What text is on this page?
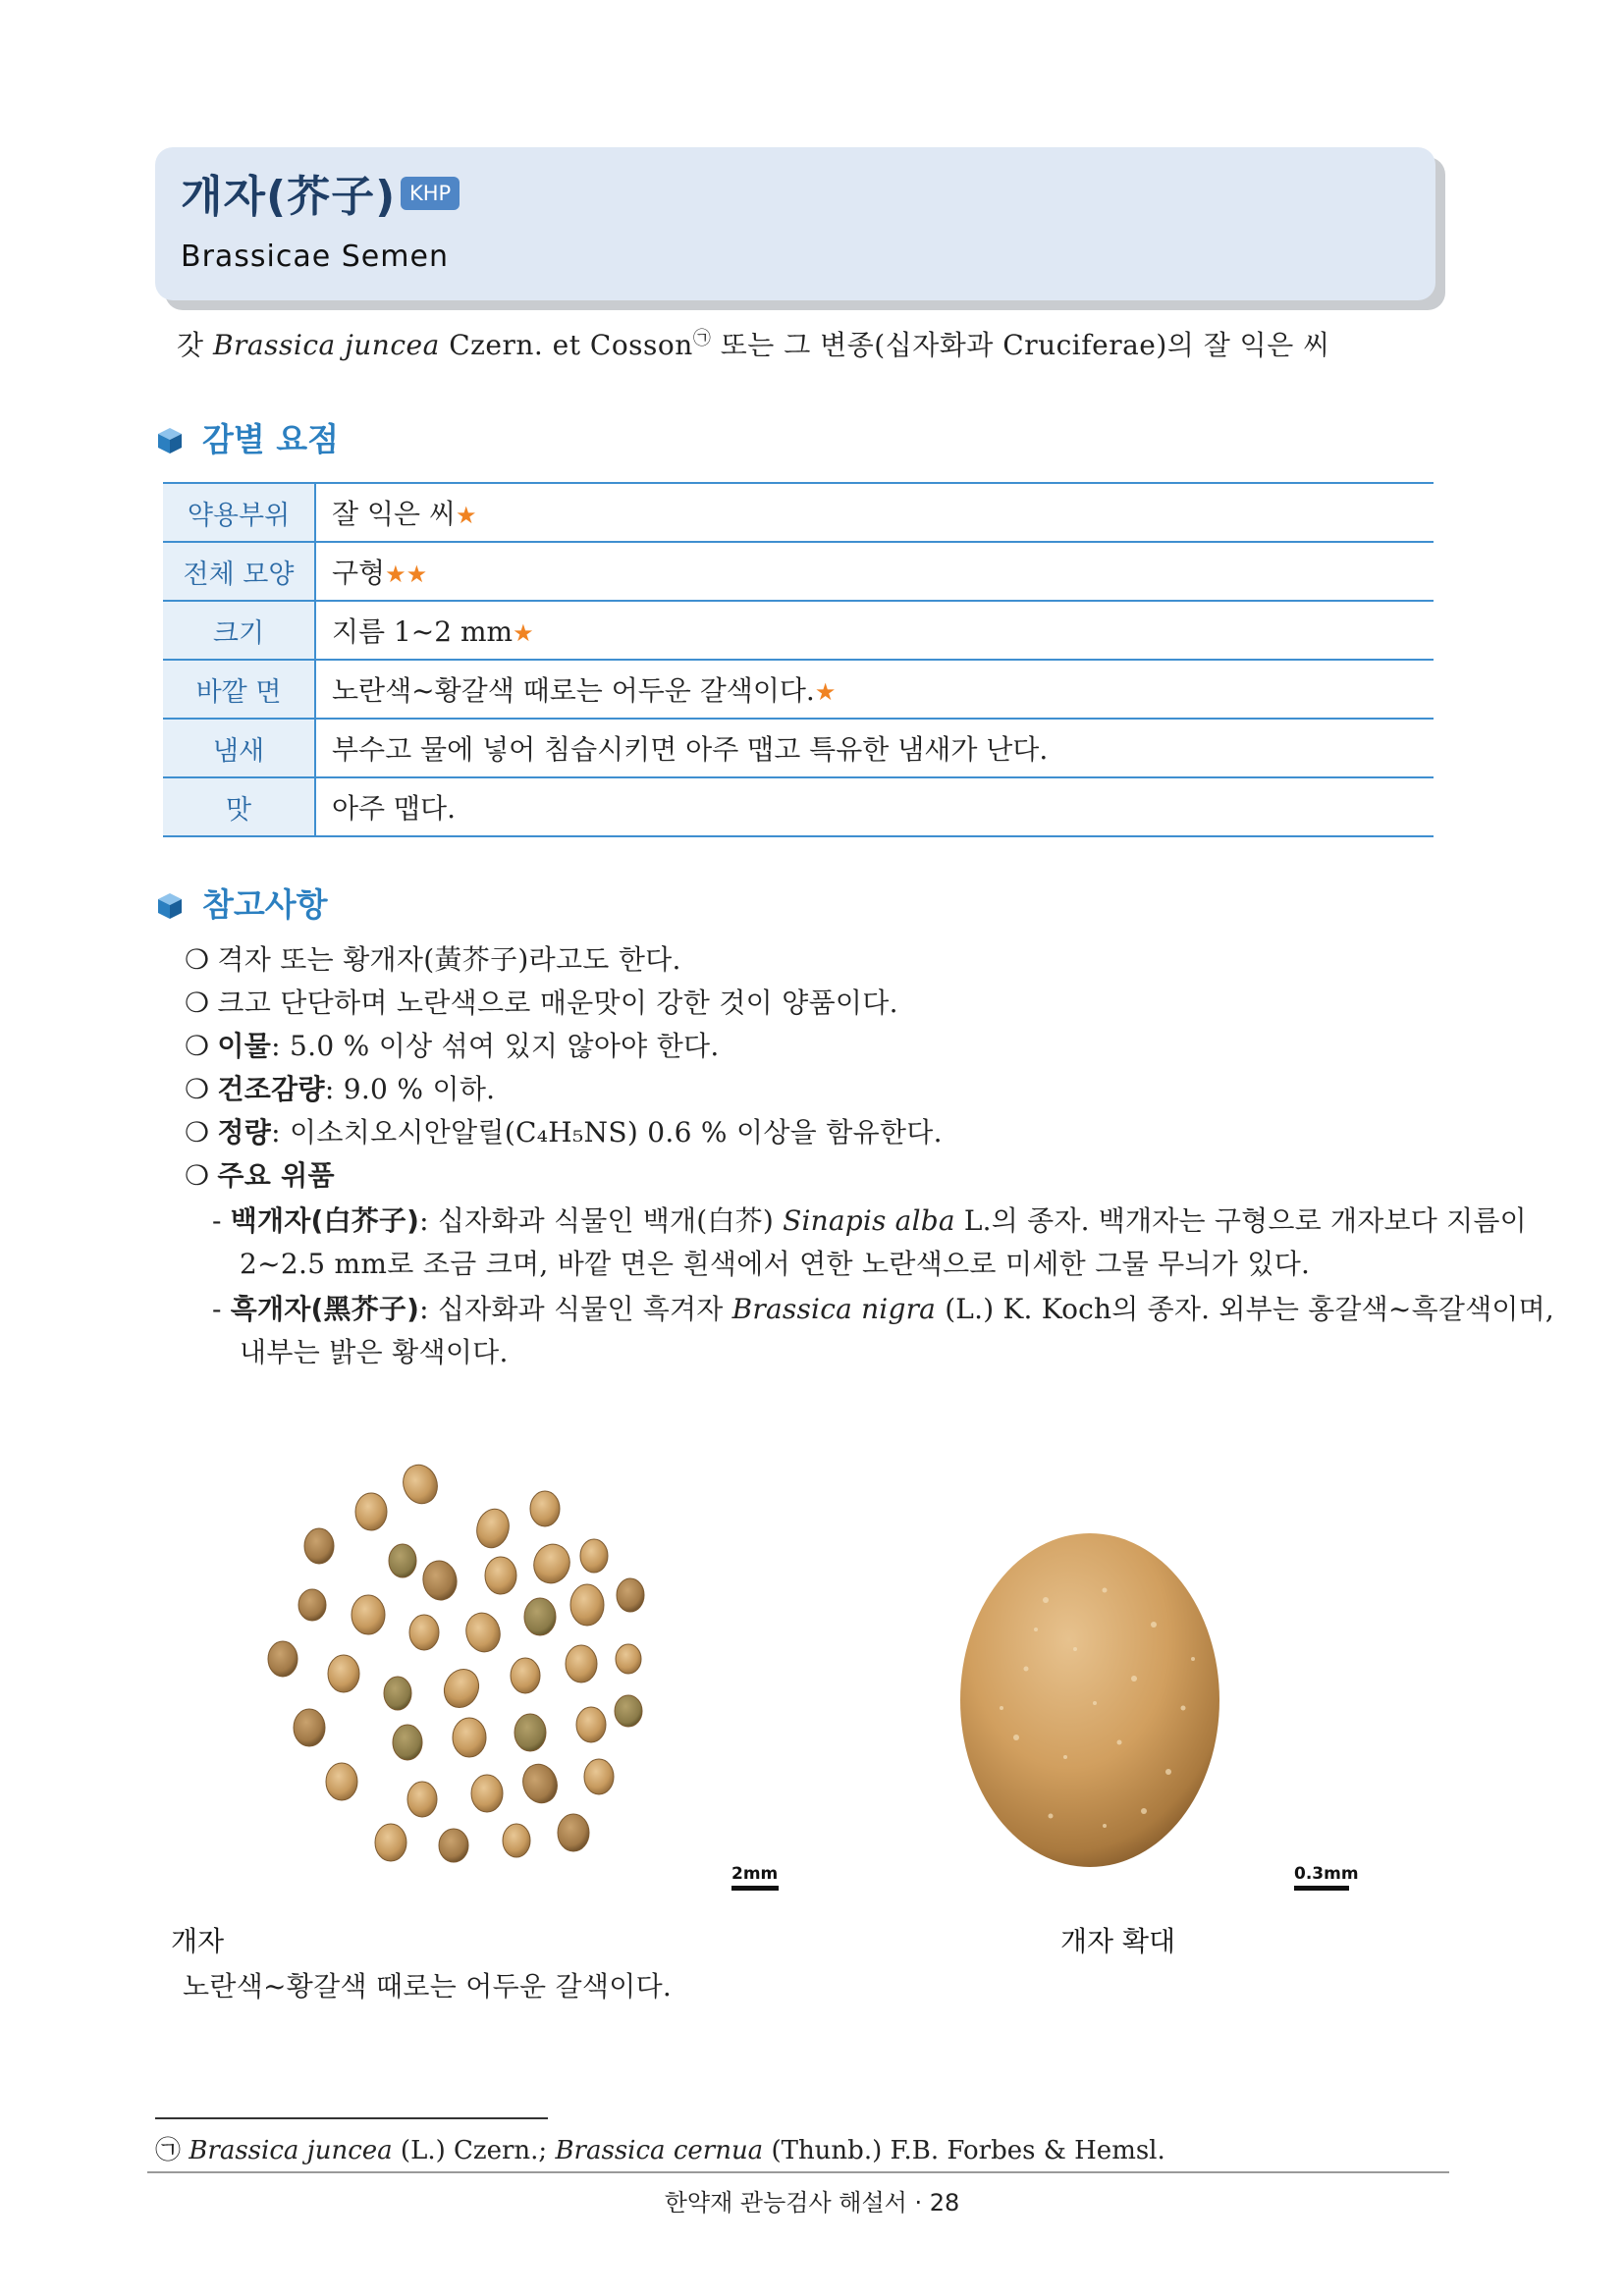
개자(芥子) KHP
Brassicae Semen
갓 Brassica juncea Czern. et Cosson㉠ 또는 그 변종(십자화과 Cruciferae)의 잘 익은 씨
감별 요점
약용부위	잘 익은 씨★
전체 모양	구형★★
크기	지름 1~2 mm★
바깥 면	노란색~황갈색 때로는 어두운 갈색이다.★
냄새	부수고 물에 넣어 침습시키면 아주 맵고 특유한 냄새가 난다.
맛	아주 맵다.
참고사항
❍ 격자 또는 황개자(黃芥子)라고도 한다.
❍ 크고 단단하며 노란색으로 매운맛이 강한 것이 양품이다.
❍ 이물: 5.0 % 이상 섞여 있지 않아야 한다.
❍ 건조감량: 9.0 % 이하.
❍ 정량: 이소치오시안알릴(C₄H₅NS) 0.6 % 이상을 함유한다.
❍ 주요 위품
- 백개자(白芥子): 십자화과 식물인 백개(白芥) Sinapis alba L.의 종자. 백개자는 구형으로 개자보다 지름이
2~2.5 mm로 조금 크며, 바깥 면은 흰색에서 연한 노란색으로 미세한 그물 무늬가 있다.
- 흑개자(黑芥子): 십자화과 식물인 흑겨자 Brassica nigra (L.) K. Koch의 종자. 외부는 홍갈색~흑갈색이며,
내부는 밝은 황색이다.
2mm	0.3mm
개자
노란색~황갈색 때로는 어두운 갈색이다.
개자 확대
㉠ Brassica juncea (L.) Czern.; Brassica cernua (Thunb.) F.B. Forbes & Hemsl.
한약재 관능검사 해설서 · 28
